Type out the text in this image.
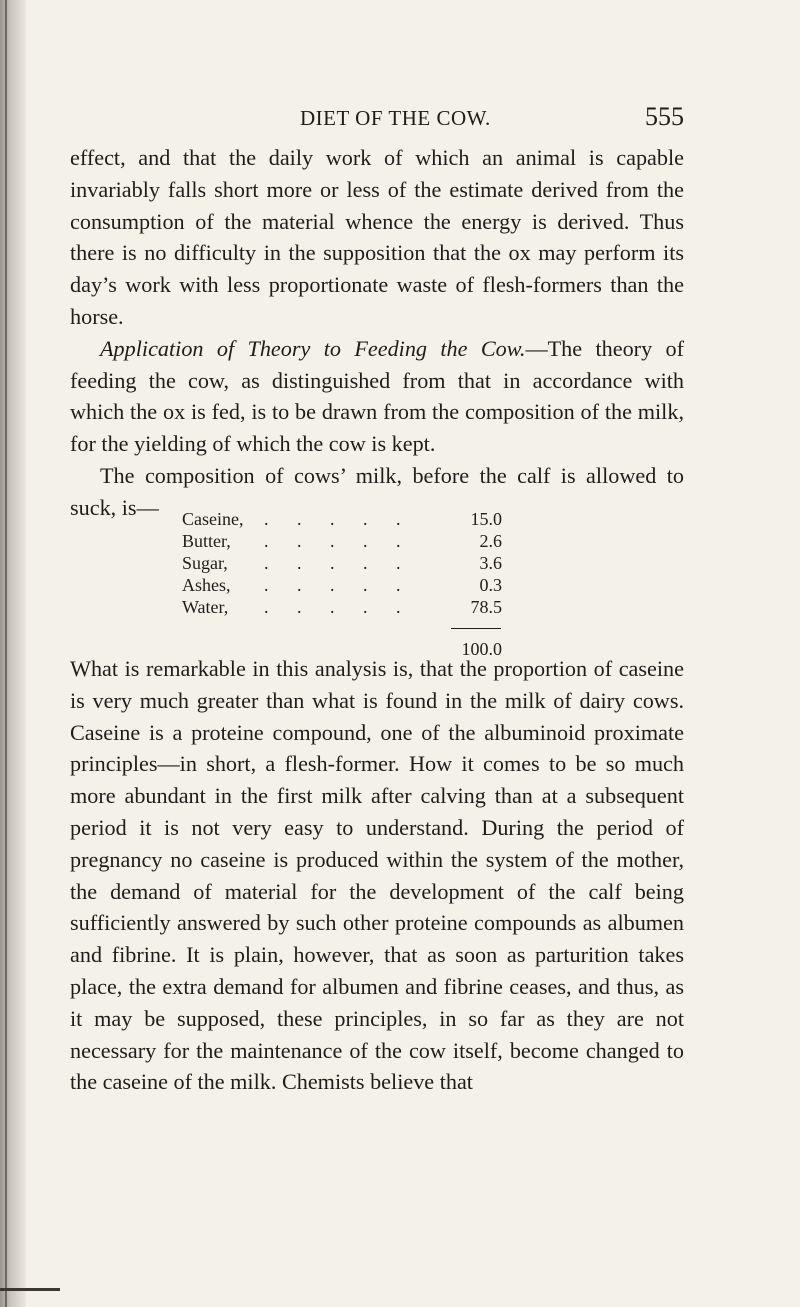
DIET OF THE COW.	555

effect, and that the daily work of which an animal is capable invariably falls short more or less of the estimate derived from the consumption of the material whence the energy is derived. Thus there is no difficulty in the supposition that the ox may perform its day’s work with less proportionate waste of flesh-formers than the horse.

Application of Theory to Feeding the Cow.—The theory of feeding the cow, as distinguished from that in accordance with which the ox is fed, is to be drawn from the composition of the milk, for the yielding of which the cow is kept.

The composition of cows’ milk, before the calf is allowed to suck, is—	Caseine, . . . . .	15.0
Butter, . . . . .	2.6
Sugar, . . . . .	3.6
Ashes, . . . . .	0.3
Water, . . . . .	78.5
100.0

What is remarkable in this analysis is, that the proportion of caseine is very much greater than what is found in the milk of dairy cows. Caseine is a proteine compound, one of the albuminoid proximate principles—in short, a flesh-former. How it comes to be so much more abundant in the first milk after calving than at a subsequent period it is not very easy to understand. During the period of pregnancy no caseine is produced within the system of the mother, the demand of material for the development of the calf being sufficiently answered by such other proteine compounds as albumen and fibrine. It is plain, however, that as soon as parturition takes place, the extra demand for albumen and fibrine ceases, and thus, as it may be supposed, these principles, in so far as they are not necessary for the maintenance of the cow itself, become changed to the caseine of the milk. Chemists believe that
